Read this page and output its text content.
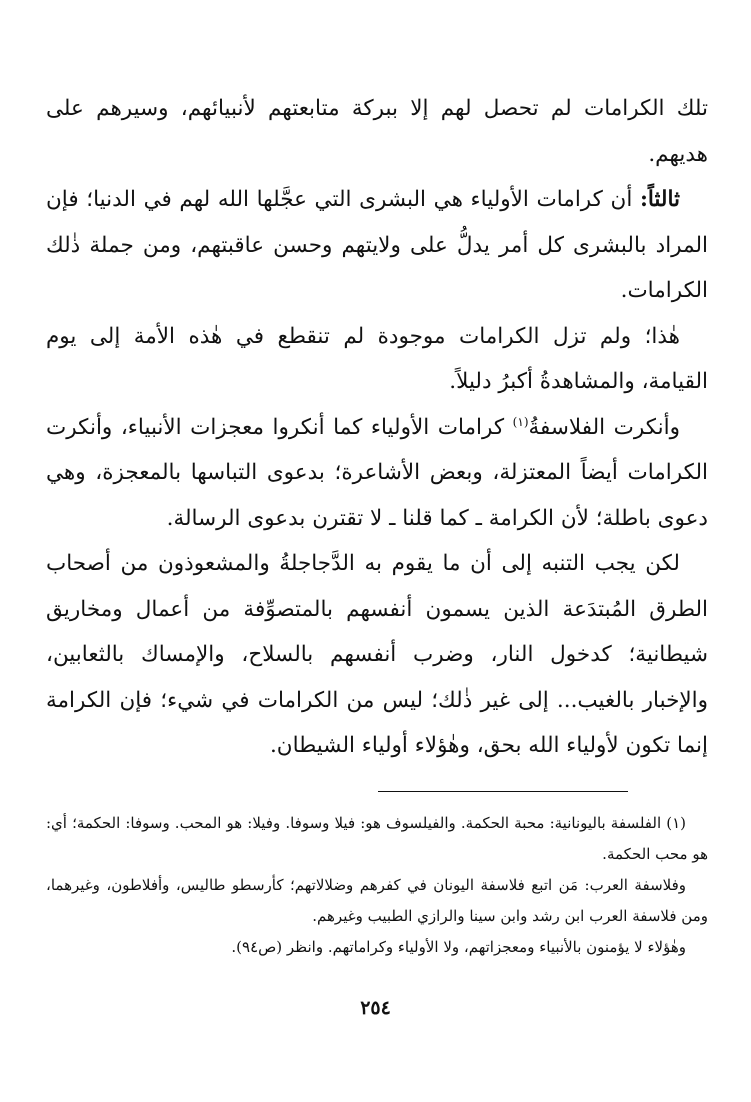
تلك الكرامات لم تحصل لهم إلا ببركة متابعتهم لأنبيائهم، وسيرهم على هديهم.

ثالثاً: أن كرامات الأولياء هي البشرى التي عجَّلها الله لهم في الدنيا؛ فإن المراد بالبشرى كل أمر يدلُّ على ولايتهم وحسن عاقبتهم، ومن جملة ذٰلك الكرامات.

هٰذا؛ ولم تزل الكرامات موجودة لم تنقطع في هٰذه الأمة إلى يوم القيامة، والمشاهدةُ أكبرُ دليلاً.

وأنكرت الفلاسفةُ$^{(١)}$ كرامات الأولياء كما أنكروا معجزات الأنبياء، وأنكرت الكرامات أيضاً المعتزلة، وبعض الأشاعرة؛ بدعوى التباسها بالمعجزة، وهي دعوى باطلة؛ لأن الكرامة ـ كما قلنا ـ لا تقترن بدعوى الرسالة.

لكن يجب التنبه إلى أن ما يقوم به الدَّجاجلةُ والمشعوذون من أصحاب الطرق المُبتدَعة الذين يسمون أنفسهم بالمتصوِّفة من أعمال ومخاريق شيطانية؛ كدخول النار، وضرب أنفسهم بالسلاح، والإمساك بالثعابين، والإخبار بالغيب... إلى غير ذٰلك؛ ليس من الكرامات في شيء؛ فإن الكرامة إنما تكون لأولياء الله بحق، وهٰؤلاء أولياء الشيطان.

(١) الفلسفة باليونانية: محبة الحكمة. والفيلسوف هو: فيلا وسوفا. وفيلا: هو المحب. وسوفا: الحكمة؛ أي: هو محب الحكمة.

وفلاسفة العرب: مَن اتبع فلاسفة اليونان في كفرهم وضلالاتهم؛ كأرسطو طاليس، وأفلاطون، وغيرهما، ومن فلاسفة العرب ابن رشد وابن سينا والرازي الطبيب وغيرهم.

وهٰؤلاء لا يؤمنون بالأنبياء ومعجزاتهم، ولا الأولياء وكراماتهم. وانظر (ص٩٤).

٢٥٤
